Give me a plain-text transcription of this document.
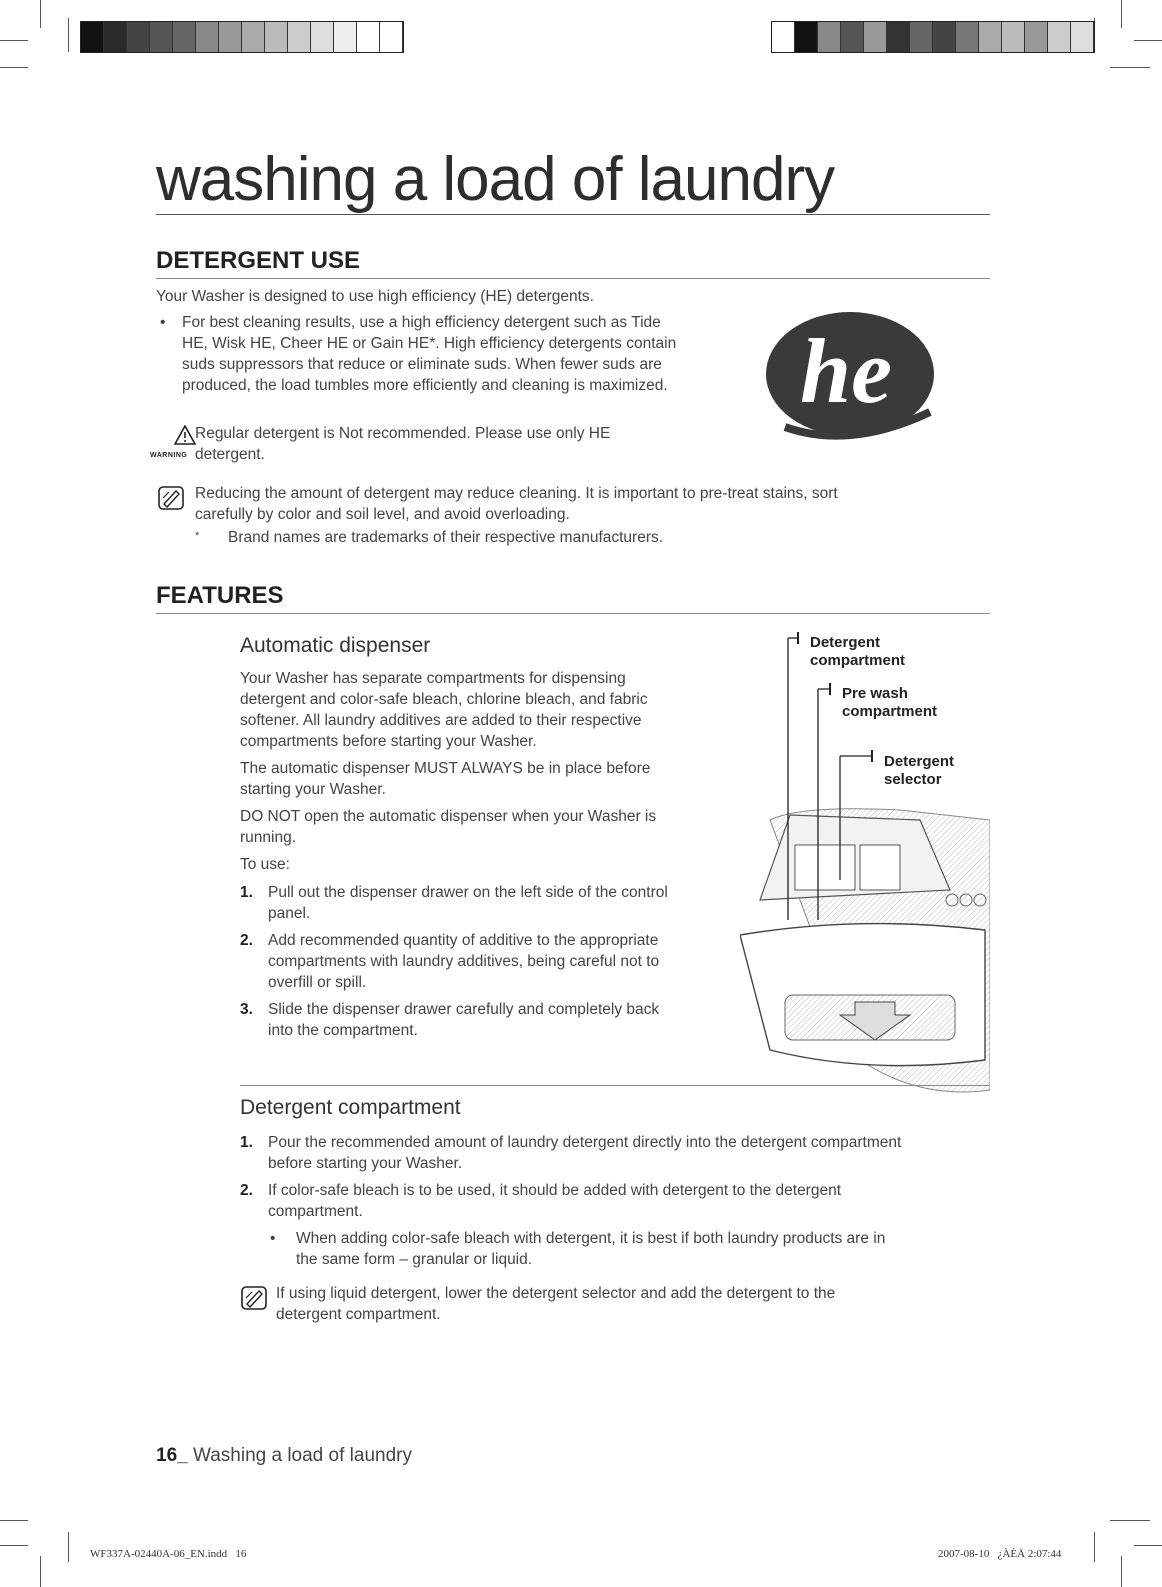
washing a load of laundry
DETERGENT USE
Your Washer is designed to use high efficiency (HE) detergents.
• For best cleaning results, use a high efficiency detergent such as Tide
HE, Wisk HE, Cheer HE or Gain HE*. High efficiency detergents contain
suds suppressors that reduce or eliminate suds. When fewer suds are
produced, the load tumbles more efficiently and cleaning is maximized.	he
WARNING
Regular detergent is Not recommended. Please use only HE
detergent.
Reducing the amount of detergent may reduce cleaning. It is important to pre-treat stains, sort
carefully by color and soil level, and avoid overloading.
* Brand names are trademarks of their respective manufacturers.
FEATURES
Automatic dispenser
Your Washer has separate compartments for dispensing
detergent and color-safe bleach, chlorine bleach, and fabric
softener. All laundry additives are added to their respective
compartments before starting your Washer.
The automatic dispenser MUST ALWAYS be in place before
starting your Washer.
DO NOT open the automatic dispenser when your Washer is
running.
To use:
1. Pull out the dispenser drawer on the left side of the control
panel.
2. Add recommended quantity of additive to the appropriate
compartments with laundry additives, being careful not to
overfill or spill.
3. Slide the dispenser drawer carefully and completely back
into the compartment.
Detergent
compartment
Pre wash
compartment
Detergent
selector
Detergent compartment
1. Pour the recommended amount of laundry detergent directly into the detergent compartment
before starting your Washer.
2. If color-safe bleach is to be used, it should be added with detergent to the detergent
compartment.
• When adding color-safe bleach with detergent, it is best if both laundry products are in
the same form – granular or liquid.
If using liquid detergent, lower the detergent selector and add the detergent to the
detergent compartment.
16_ Washing a load of laundry
WF337A-02440A-06_EN.indd   16	2007-08-10   ¿ÀÈÄ 2:07:44
